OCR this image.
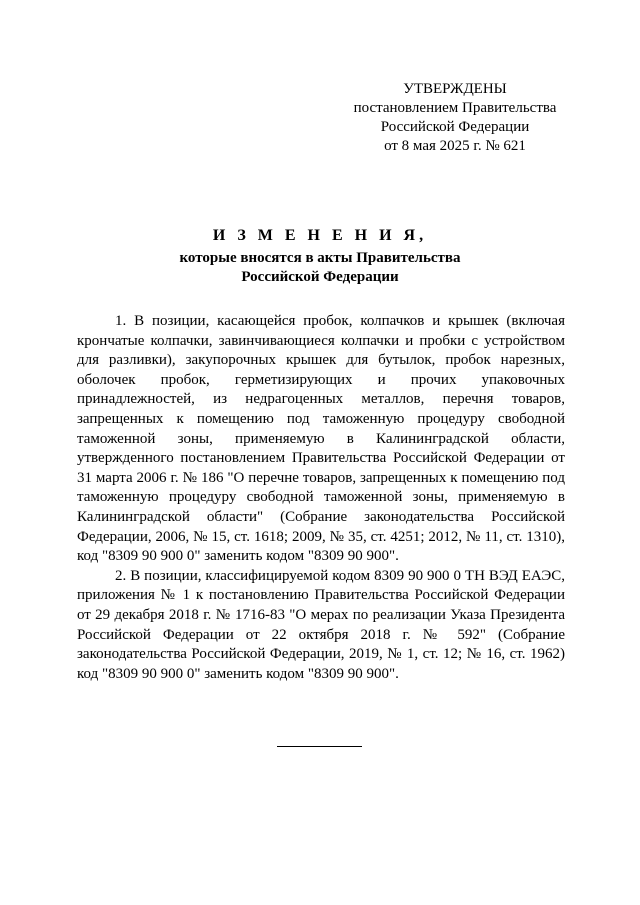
УТВЕРЖДЕНЫ
постановлением Правительства
Российской Федерации
от 8 мая 2025 г. № 621
И З М Е Н Е Н И Я,
которые вносятся в акты Правительства
Российской Федерации

1. В позиции, касающейся пробок, колпачков и крышек (включая крончатые колпачки, завинчивающиеся колпачки и пробки с устройством для разливки), закупорочных крышек для бутылок, пробок нарезных, оболочек пробок, герметизирующих и прочих упаковочных принадлежностей, из недрагоценных металлов, перечня товаров, запрещенных к помещению под таможенную процедуру свободной таможенной зоны, применяемую в Калининградской области, утвержденного постановлением Правительства Российской Федерации от 31 марта 2006 г. № 186 "О перечне товаров, запрещенных к помещению под таможенную процедуру свободной таможенной зоны, применяемую в Калининградской области" (Собрание законодательства Российской Федерации, 2006, № 15, ст. 1618; 2009, № 35, ст. 4251; 2012, № 11, ст. 1310), код "8309 90 900 0" заменить кодом "8309 90 900".

2. В позиции, классифицируемой кодом 8309 90 900 0 ТН ВЭД ЕАЭС, приложения № 1 к постановлению Правительства Российской Федерации от 29 декабря 2018 г. № 1716-83 "О мерах по реализации Указа Президента Российской Федерации от 22 октября 2018 г. № 592" (Собрание законодательства Российской Федерации, 2019, № 1, ст. 12; № 16, ст. 1962) код "8309 90 900 0" заменить кодом "8309 90 900".
